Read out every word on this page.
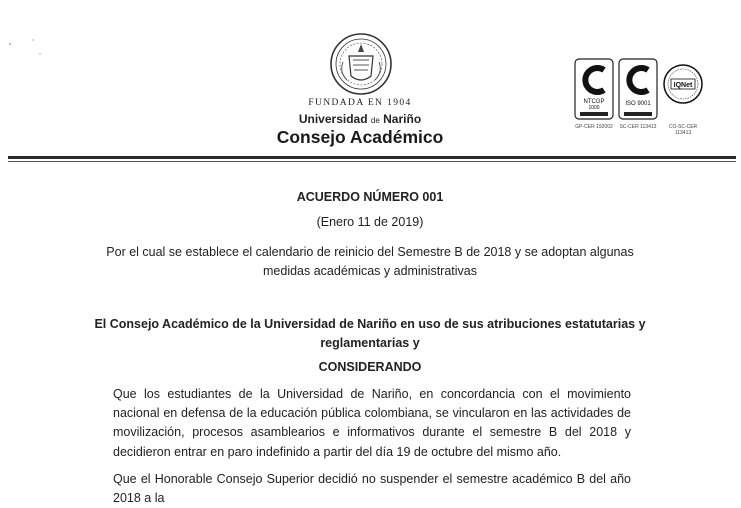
FUNDADA EN 1904
Universidad de Nariño
Consejo Académico
NTCGP
1000
ISO 9001
IQNet
GP-CER 192002	SC-CER 113413	CO-SC-CER 113413
ACUERDO NÚMERO 001
(Enero 11 de 2019)
Por el cual se establece el calendario de reinicio del Semestre B de 2018 y se adoptan algunas medidas académicas y administrativas
El Consejo Académico de la Universidad de Nariño en uso de sus atribuciones estatutarias y reglamentarias y
CONSIDERANDO
Que los estudiantes de la Universidad de Nariño, en concordancia con el movimiento nacional en defensa de la educación pública colombiana, se vincularon en las actividades de movilización, procesos asamblearios e informativos durante el semestre B del 2018 y decidieron entrar en paro indefinido a partir del día 19 de octubre del mismo año.
Que el Honorable Consejo Superior decidió no suspender el semestre académico B del año 2018 a la
